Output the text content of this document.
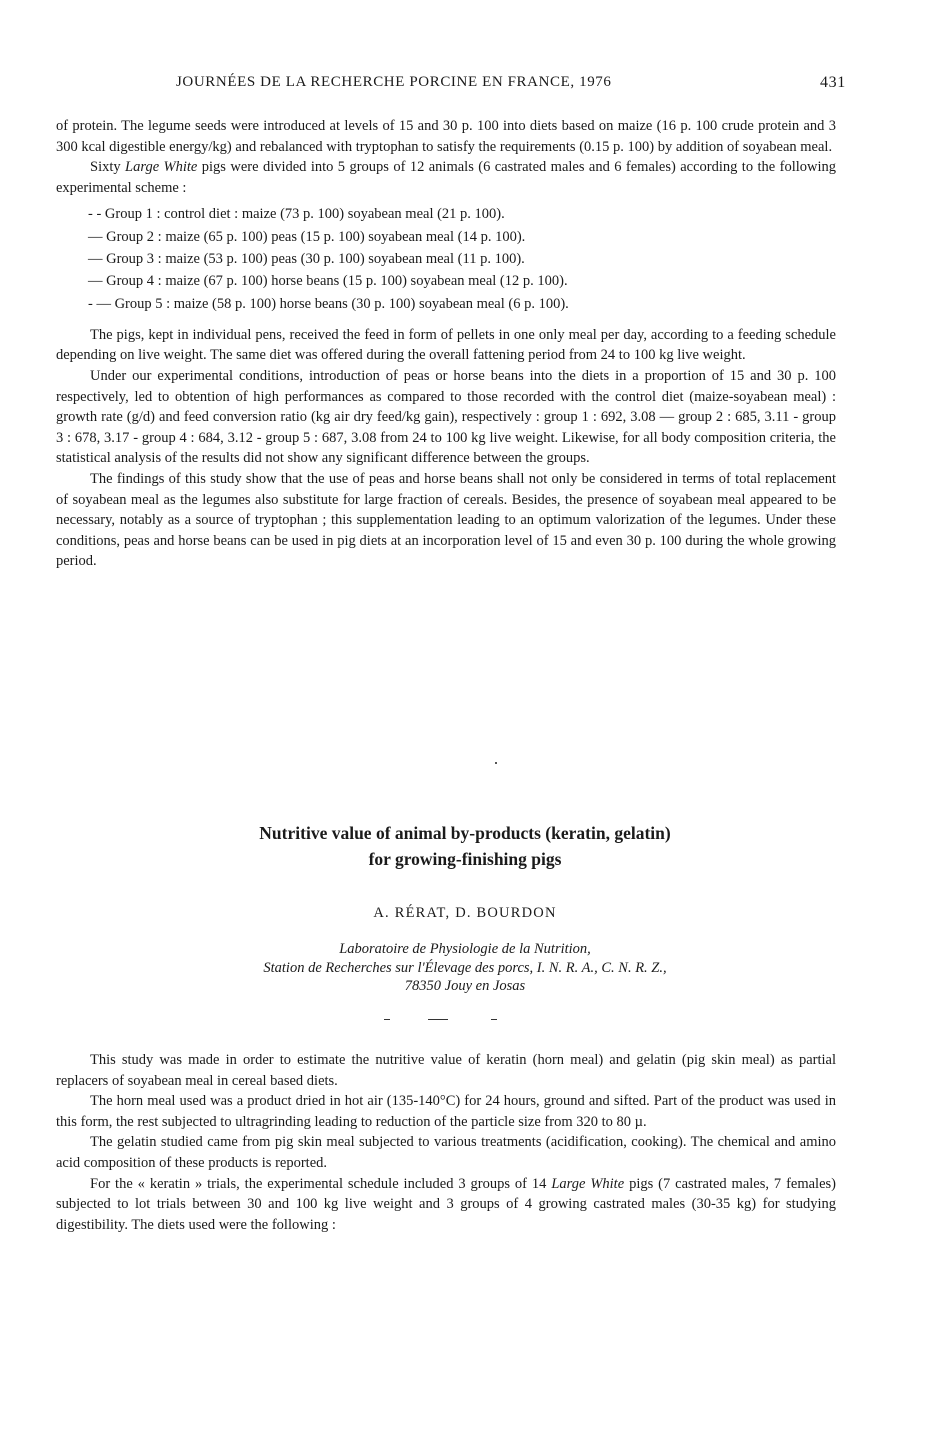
JOURNÉES DE LA RECHERCHE PORCINE EN FRANCE, 1976	431

of protein. The legume seeds were introduced at levels of 15 and 30 p. 100 into diets based on maize (16 p. 100 crude protein and 3 300 kcal digestible energy/kg) and rebalanced with tryptophan to satisfy the requirements (0.15 p. 100) by addition of soyabean meal.

Sixty Large White pigs were divided into 5 groups of 12 animals (6 castrated males and 6 females) according to the following experimental scheme :

- - Group 1 : control diet : maize (73 p. 100) soyabean meal (21 p. 100).
— Group 2 : maize (65 p. 100) peas (15 p. 100) soyabean meal (14 p. 100).
— Group 3 : maize (53 p. 100) peas (30 p. 100) soyabean meal (11 p. 100).
— Group 4 : maize (67 p. 100) horse beans (15 p. 100) soyabean meal (12 p. 100).
- — Group 5 : maize (58 p. 100) horse beans (30 p. 100) soyabean meal (6 p. 100).

The pigs, kept in individual pens, received the feed in form of pellets in one only meal per day, according to a feeding schedule depending on live weight. The same diet was offered during the overall fattening period from 24 to 100 kg live weight.

Under our experimental conditions, introduction of peas or horse beans into the diets in a proportion of 15 and 30 p. 100 respectively, led to obtention of high performances as compared to those recorded with the control diet (maize-soyabean meal) : growth rate (g/d) and feed conversion ratio (kg air dry feed/kg gain), respectively : group 1 : 692, 3.08 — group 2 : 685, 3.11 - group 3 : 678, 3.17 - group 4 : 684, 3.12 - group 5 : 687, 3.08 from 24 to 100 kg live weight. Likewise, for all body composition criteria, the statistical analysis of the results did not show any significant difference between the groups.

The findings of this study show that the use of peas and horse beans shall not only be considered in terms of total replacement of soyabean meal as the legumes also substitute for large fraction of cereals. Besides, the presence of soyabean meal appeared to be necessary, notably as a source of tryptophan ; this supplementation leading to an optimum valorization of the legumes. Under these conditions, peas and horse beans can be used in pig diets at an incorporation level of 15 and even 30 p. 100 during the whole growing period.

Nutritive value of animal by-products (keratin, gelatin)
for growing-finishing pigs
A. RÉRAT, D. BOURDON
Laboratoire de Physiologie de la Nutrition,
Station de Recherches sur l'Élevage des porcs, I. N. R. A., C. N. R. Z.,
78350 Jouy en Josas

This study was made in order to estimate the nutritive value of keratin (horn meal) and gelatin (pig skin meal) as partial replacers of soyabean meal in cereal based diets.

The horn meal used was a product dried in hot air (135-140°C) for 24 hours, ground and sifted. Part of the product was used in this form, the rest subjected to ultragrinding leading to reduction of the particle size from 320 to 80 µ.

The gelatin studied came from pig skin meal subjected to various treatments (acidification, cooking). The chemical and amino acid composition of these products is reported.

For the « keratin » trials, the experimental schedule included 3 groups of 14 Large White pigs (7 castrated males, 7 females) subjected to lot trials between 30 and 100 kg live weight and 3 groups of 4 growing castrated males (30-35 kg) for studying digestibility. The diets used were the following :
